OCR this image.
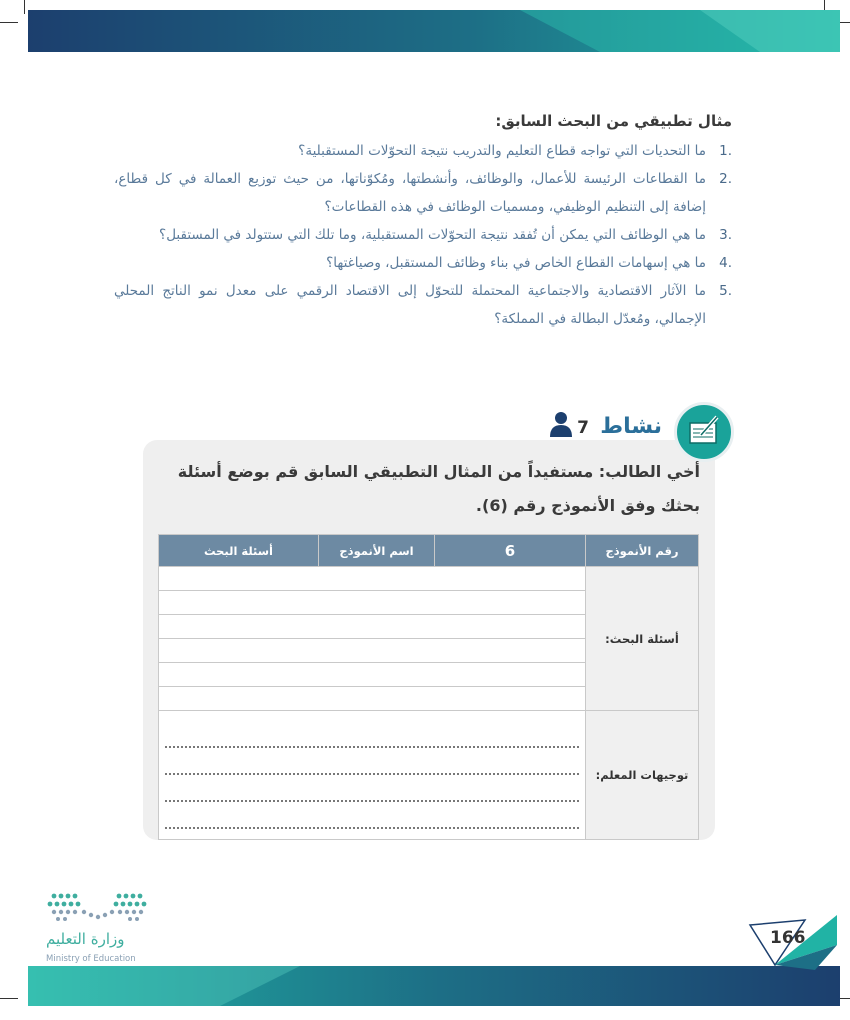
166
مثال تطبيقي من البحث السابق:
.1
ما التحديات التي تواجه قطاع التعليم والتدريب نتيجة التحوّلات المستقبلية؟
.2
ما القطاعات الرئيسة للأعمال، والوظائف، وأنشطتها، ومُكوّناتها، من حيث توزيع العمالة في كل قطاع، إضافة إلى التنظيم الوظيفي، ومسميات الوظائف في هذه القطاعات؟
.3
ما هي الوظائف التي يمكن أن تُفقد نتيجة التحوّلات المستقبلية، وما تلك التي ستتولد في المستقبل؟
.4
ما هي إسهامات القطاع الخاص في بناء وظائف المستقبل، وصياغتها؟
.5
ما الآثار الاقتصادية والاجتماعية المحتملة للتحوّل إلى الاقتصاد الرقمي على معدل نمو الناتج المحلي الإجمالي، ومُعدّل البطالة في المملكة؟
نشاط
7
أخي الطالب: مستفيداً من المثال التطبيقي السابق قم بوضع أسئلة بحثك وفق الأنموذج رقم (6).
رقم الأنموذج	6	اسم الأنموذج	أسئلة البحث
أسئلة البحث:			

توجيهات المعلم:			
وزارة التعليم
Ministry of Education
